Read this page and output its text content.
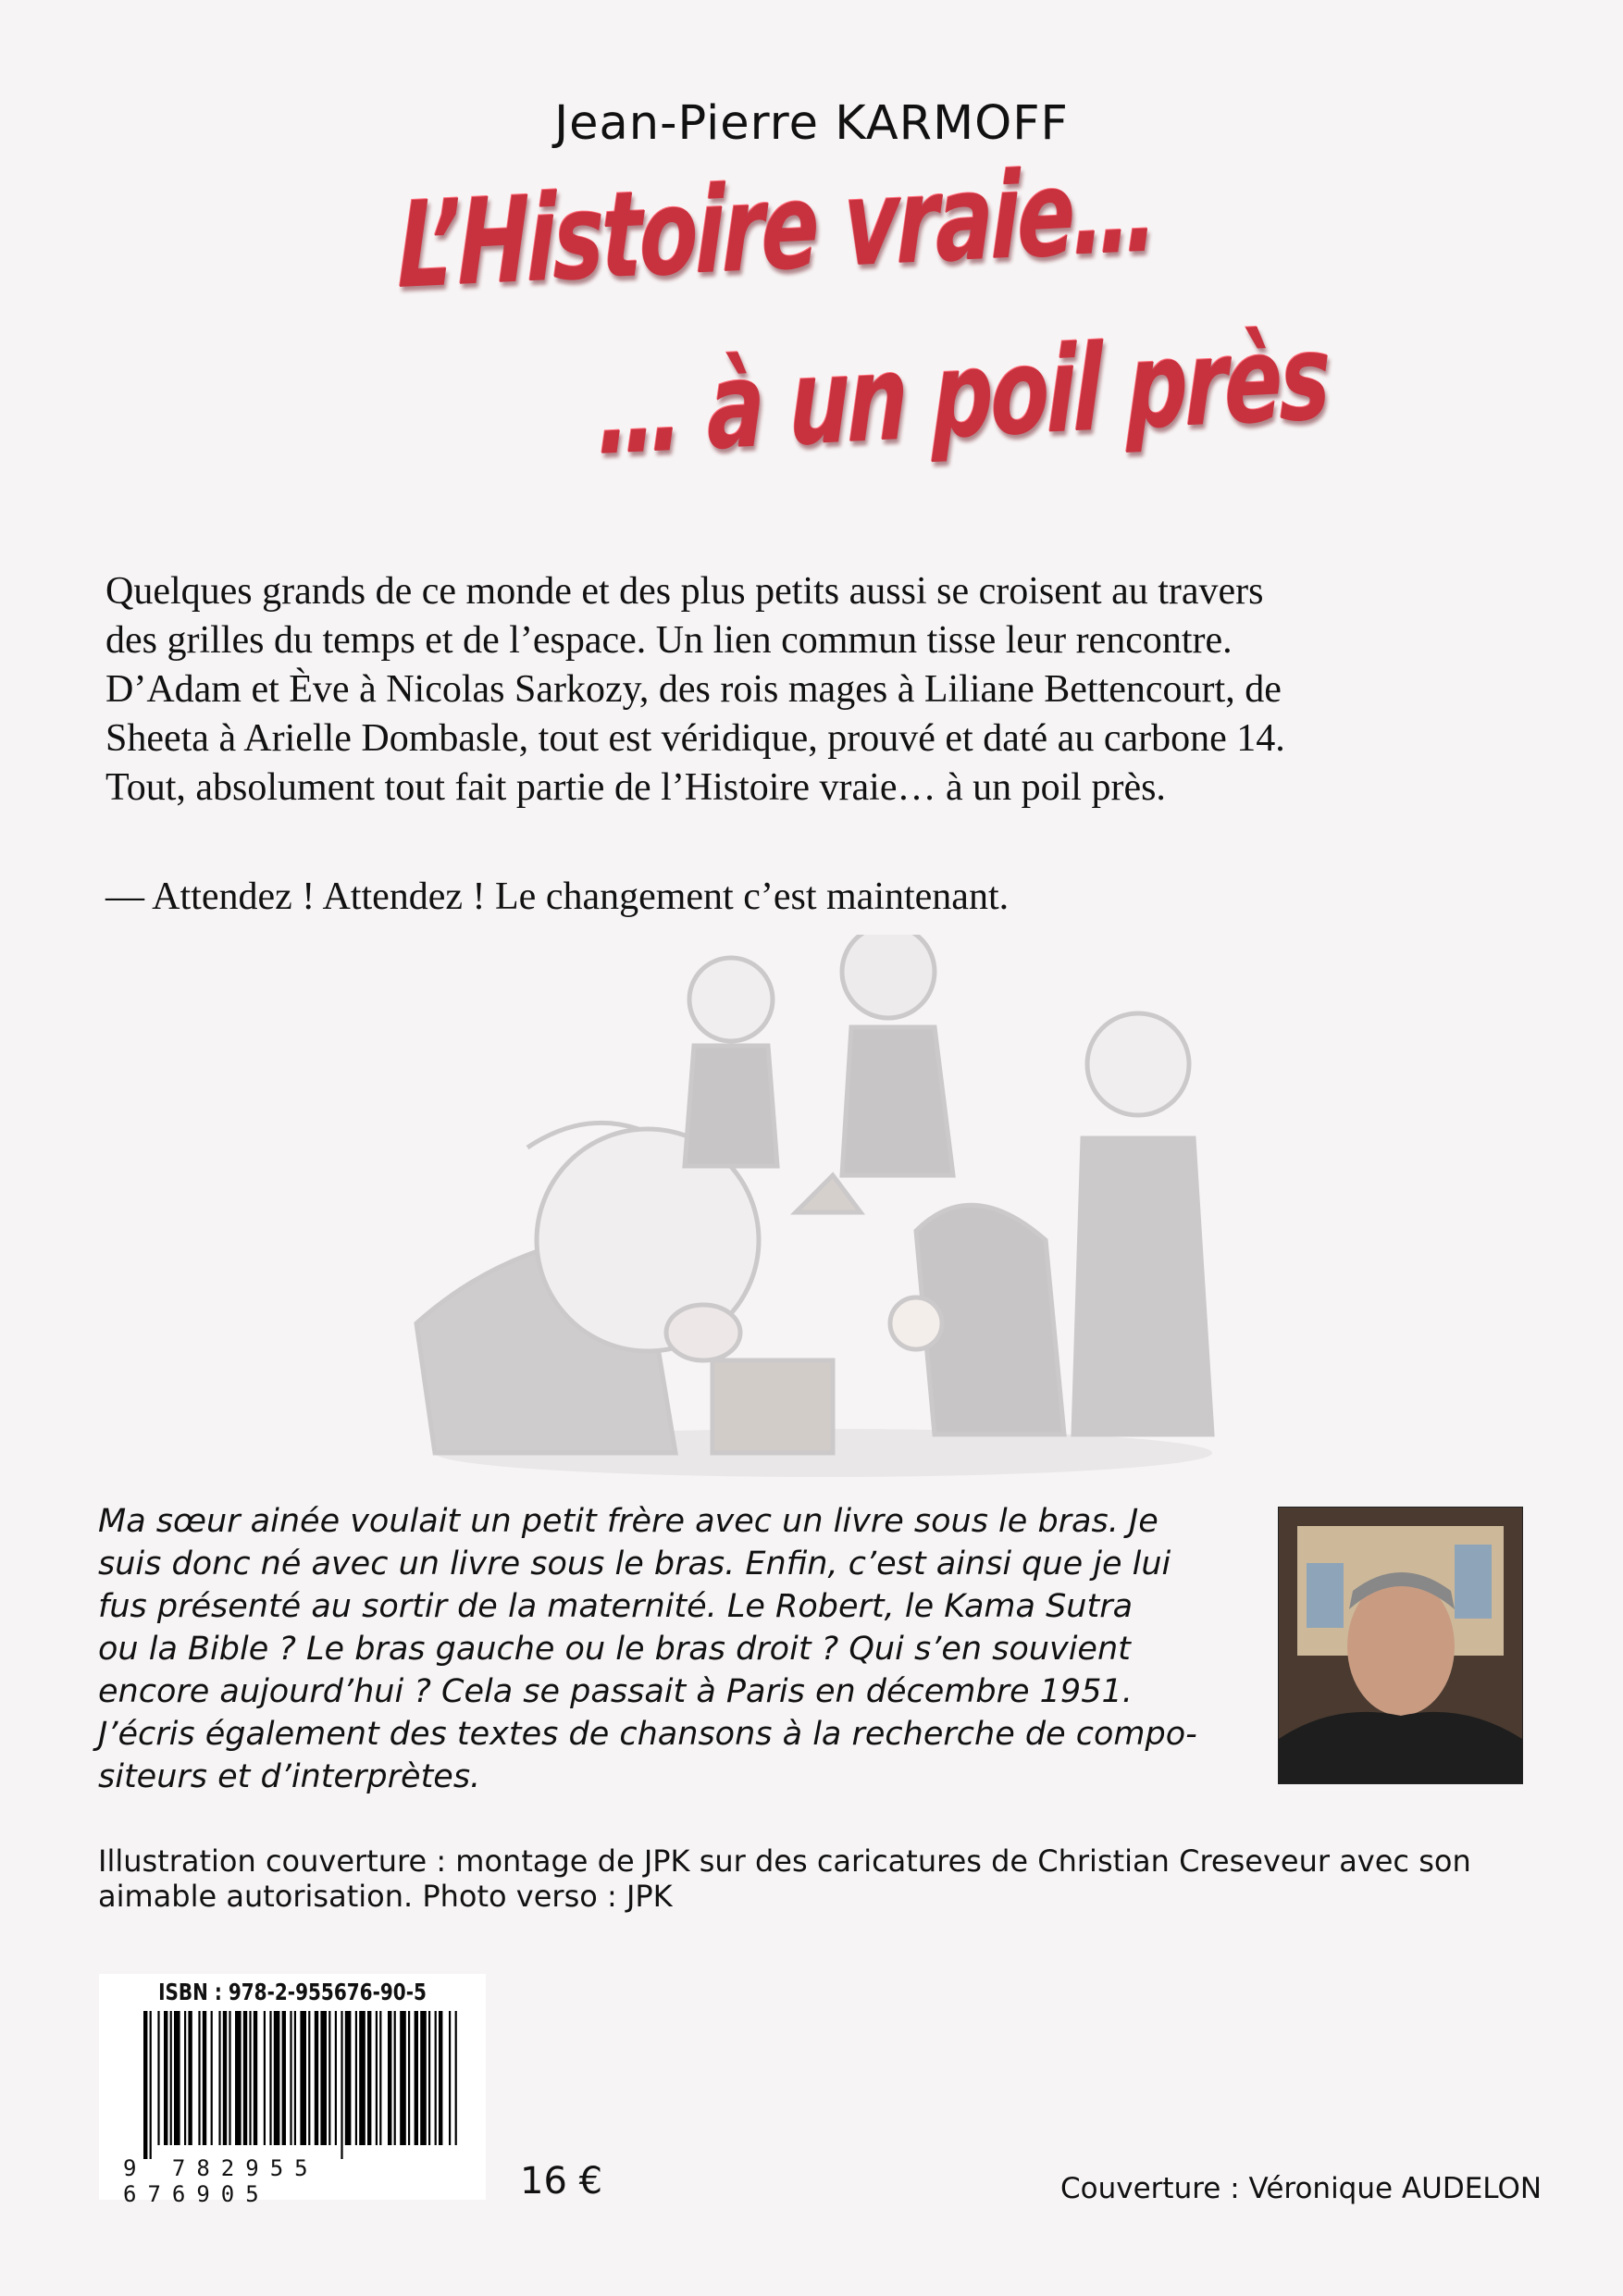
Jean-Pierre KARMOFF
L’Histoire vraie…
… à un poil près
Quelques grands de ce monde et des plus petits aussi se croisent au travers
des grilles du temps et de l’espace. Un lien commun tisse leur rencontre.
D’Adam et Ève à Nicolas Sarkozy, des rois mages à Liliane Bettencourt, de
Sheeta à Arielle Dombasle, tout est véridique, prouvé et daté au carbone 14.
Tout, absolument tout fait partie de l’Histoire vraie… à un poil près.
— Attendez ! Attendez ! Le changement c’est maintenant.
Ma sœur ainée voulait un petit frère avec un livre sous le bras. Je
suis donc né avec un livre sous le bras. Enfin, c’est ainsi que je lui
fus présenté au sortir de la maternité. Le Robert, le Kama Sutra
ou la Bible ? Le bras gauche ou le bras droit ? Qui s’en souvient
encore aujourd’hui ? Cela se passait à Paris en décembre 1951.
J’écris également des textes de chansons à la recherche de compo-
siteurs et d’interprètes.
Illustration couverture : montage de JPK sur des caricatures de Christian Creseveur avec son aimable autorisation. Photo verso : JPK
ISBN : 978-2-955676-90-5
9 782955 676905	16 €	Couverture : Véronique AUDELON
